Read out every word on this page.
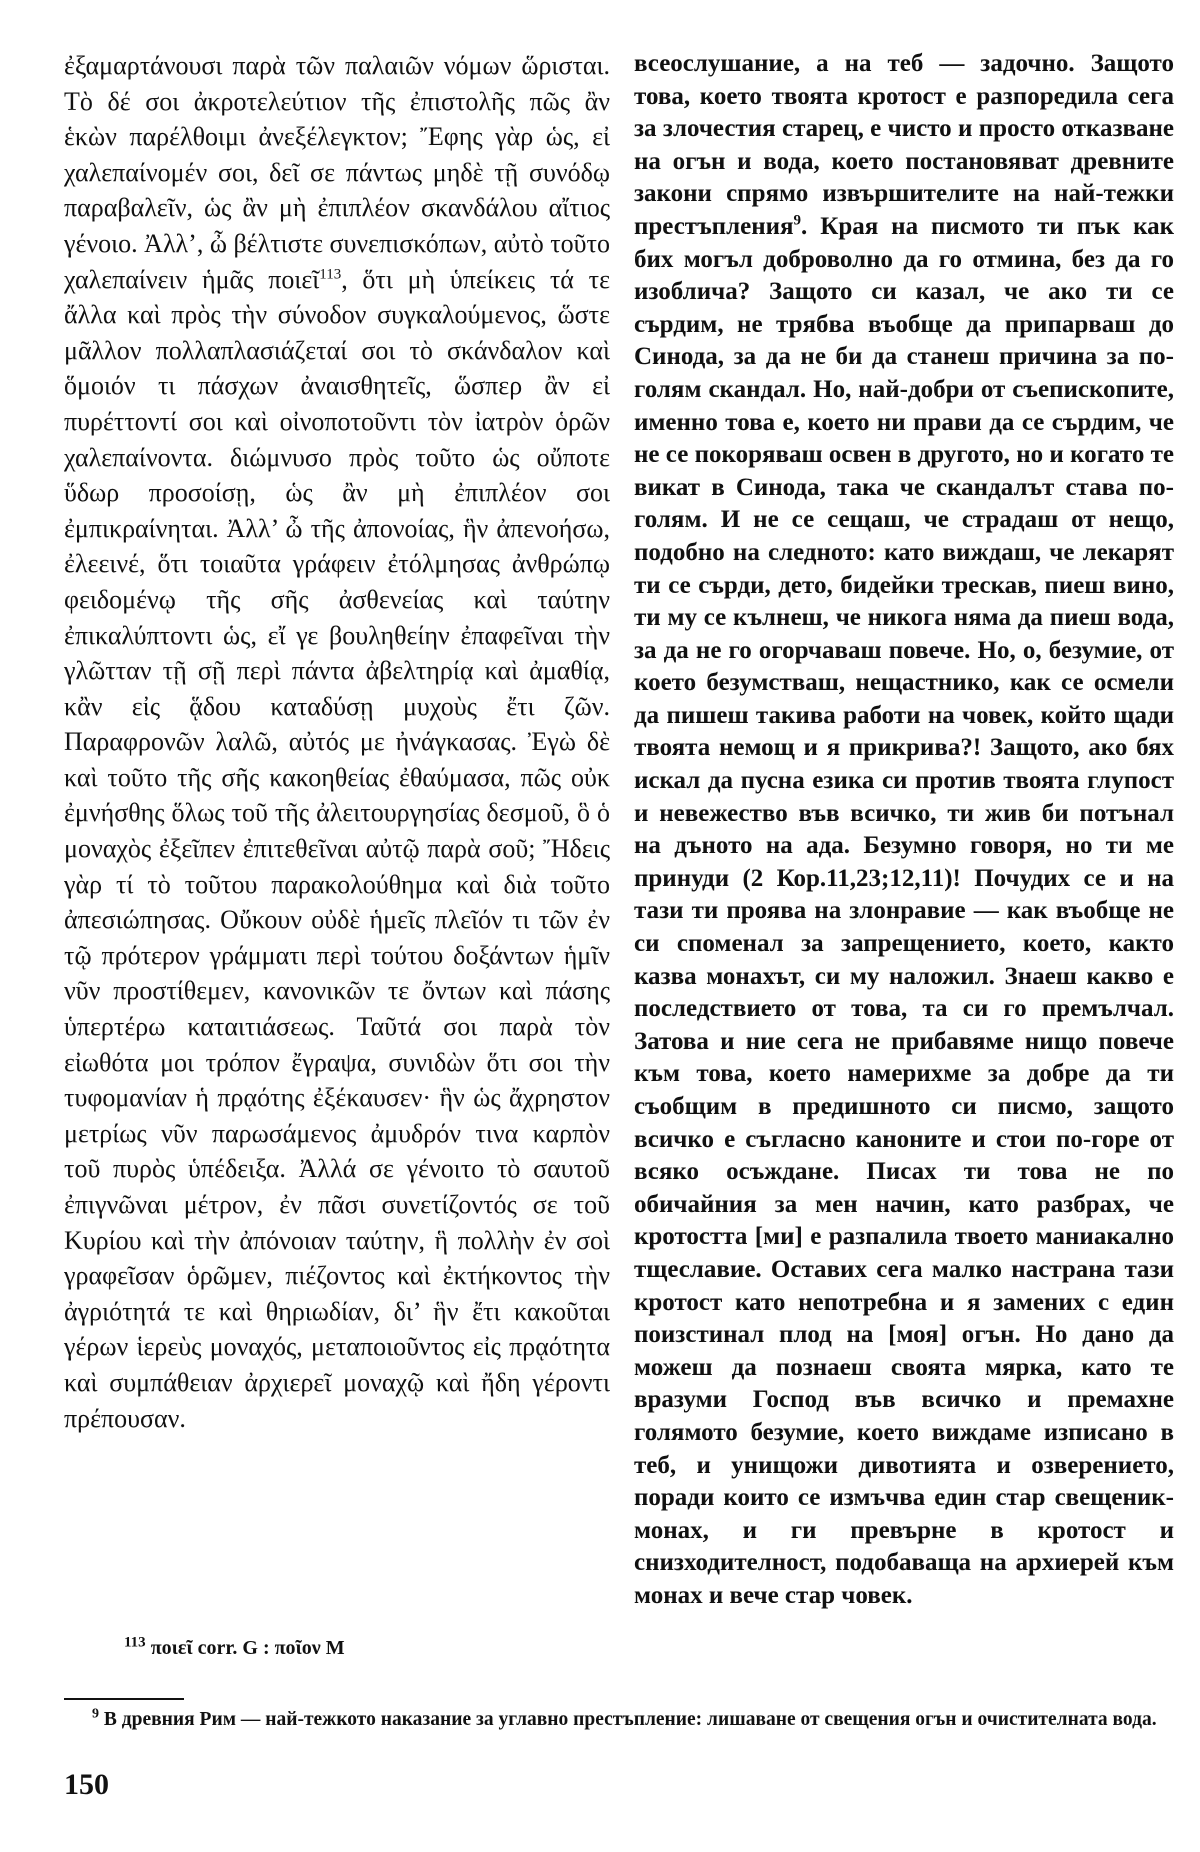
ἐξαμαρτάνουσι παρὰ τῶν παλαιῶν νόμων ὥρισται. Τὸ δέ σοι ἀκροτελεύτιον τῆς ἐπιστολῆς πῶς ἂν ἑκὼν παρέλθοιμι ἀνεξέλεγκτον; Ἔφης γὰρ ὡς, εἰ χαλεπαίνομέν σοι, δεῖ σε πάντως μηδὲ τῇ συνόδῳ παραβαλεῖν, ὡς ἂν μὴ ἐπιπλέον σκανδάλου αἴτιος γένοιο. Ἀλλ’, ὦ βέλτιστε συνεπισκόπων, αὐτὸ τοῦτο χαλεπαίνειν ἡμᾶς ποιεῖ$^{113}$, ὅτι μὴ ὑπείκεις τά τε ἄλλα καὶ πρὸς τὴν σύνοδον συγκαλούμενος, ὥστε μᾶλλον πολλαπλασιάζεταί σοι τὸ σκάνδαλον καὶ ὅμοιόν τι πάσχων ἀναισθητεῖς, ὥσπερ ἂν εἰ πυρέττοντί σοι καὶ οἰνοποτοῦντι τὸν ἰατρὸν ὁρῶν χαλεπαίνοντα. διώμνυσο πρὸς τοῦτο ὡς οὔποτε ὕδωρ προσοίσῃ, ὡς ἂν μὴ ἐπιπλέον σοι ἐμπικραίνηται. Ἀλλ’ ὦ τῆς ἀπονοίας, ἣν ἀπενοήσω, ἐλεεινέ, ὅτι τοιαῦτα γράφειν ἐτόλμησας ἀνθρώπῳ φειδομένῳ τῆς σῆς ἀσθενείας καὶ ταύτην ἐπικαλύπτοντι ὡς, εἴ γε βουληθείην ἐπαφεῖναι τὴν γλῶτταν τῇ σῇ περὶ πάντα ἀβελτηρίᾳ καὶ ἀμαθίᾳ, κἂν εἰς ᾅδου καταδύσῃ μυχοὺς ἔτι ζῶν. Παραφρονῶν λαλῶ, αὐτός με ἠνάγκασας. Ἐγὼ δὲ καὶ τοῦτο τῆς σῆς κακοηθείας ἐθαύμασα, πῶς οὐκ ἐμνήσθης ὅλως τοῦ τῆς ἀλειτουργησίας δεσμοῦ, ὃ ὁ μοναχὸς ἐξεῖπεν ἐπιτεθεῖναι αὐτῷ παρὰ σοῦ; Ἤδεις γὰρ τί τὸ τοῦτου παρακολούθημα καὶ διὰ τοῦτο ἀπεσιώπησας. Οὔκουν οὐδὲ ἡμεῖς πλεῖόν τι τῶν ἐν τῷ πρότερον γράμματι περὶ τούτου δοξάντων ἡμῖν νῦν προστίθεμεν, κανονικῶν τε ὄντων καὶ πάσης ὑπερτέρω καταιτιάσεως. Ταῦτά σοι παρὰ τὸν εἰωθότα μοι τρόπον ἔγραψα, συνιδὼν ὅτι σοι τὴν τυφομανίαν ἡ πρᾳότης ἐξέκαυσεν· ἣν ὡς ἄχρηστον μετρίως νῦν παρωσάμενος ἀμυδρόν τινα καρπὸν τοῦ πυρὸς ὑπέδειξα. Ἀλλά σε γένοιτο τὸ σαυτοῦ ἐπιγνῶναι μέτρον, ἐν πᾶσι συνετίζοντός σε τοῦ Κυρίου καὶ τὴν ἀπόνοιαν ταύτην, ἣ πολλὴν ἐν σοὶ γραφεῖσαν ὁρῶμεν, πιέζοντος καὶ ἐκτήκοντος τὴν ἀγριότητά τε καὶ θηριωδίαν, δι’ ἣν ἔτι κακοῦται γέρων ἱερεὺς μοναχός, μεταποιοῦντος εἰς πρᾳότητα καὶ συμπάθειαν ἀρχιερεῖ μοναχῷ καὶ ἤδη γέροντι πρέπουσαν.

всеослушание, а на теб — задочно. Защото това, което твоята кротост е разпоредила сега за злочестия старец, е чисто и просто отказване на огън и вода, което постановяват древните закони спрямо извършителите на най-тежки престъпления$^9$. Края на писмото ти пък как бих могъл доброволно да го отмина, без да го изобличa? Защото си казал, че ако ти се сърдим, не трябва въобще да припарваш до Синода, за да не би да станеш причина за по-голям скандал. Но, най-добри от съепископите, именно това е, което ни прави да се сърдим, че не се покоряваш освен в другото, но и когато те викат в Синода, така че скандалът става по-голям. И не се сещаш, че страдаш от нещо, подобно на следното: като виждаш, че лекарят ти се сърди, дето, бидейки трескав, пиеш вино, ти му се кълнеш, че никога няма да пиеш вода, за да не го огорчаваш повече. Но, о, безумие, от което безумстваш, нещастнико, как се осмели да пишеш такива работи на човек, който щади твоята немощ и я прикрива?! Защото, ако бях искал да пусна езика си против твоята глупост и невежество във всичко, ти жив би потънал на дъното на ада. Безумно говоря, но ти ме принуди (2 Кор.11,23;12,11)! Почудих се и на тази ти проява на злонравие — как въобще не си споменал за запрещението, което, както казва монахът, си му наложил. Знаеш какво е последствието от това, та си го премълчал. Затова и ние сега не прибавяме нищо повече към това, което намерихме за добре да ти съобщим в предишното си писмо, защото всичко е съгласно канонитe и стои по-горе от всяко осъждане. Писах ти това не по обичайния за мен начин, като разбрах, че кротостта [ми] е разпалила твоето маниакално тщеславие. Оставих сега малко настрана тази кротост като непотребна и я замених с един поизстинал плод на [моя] огън. Но дано да можеш да познаеш своята мярка, като те вразуми Господ във всичко и премахне голямото безумие, което виждаме изписано в теб, и унищожи дивотията и озверението, поради които се измъчва един стар свещеник-монах, и ги превърне в кротост и снизходителност, подобаваща на архиерей към монах и вече стар човек.

$^{113}$ ποιεῖ corr. G : ποῖον M
$^9$ В древния Рим — най-тежкото наказание за углавно престъпление: лишаване от свещения огън и очистителната вода.
150
